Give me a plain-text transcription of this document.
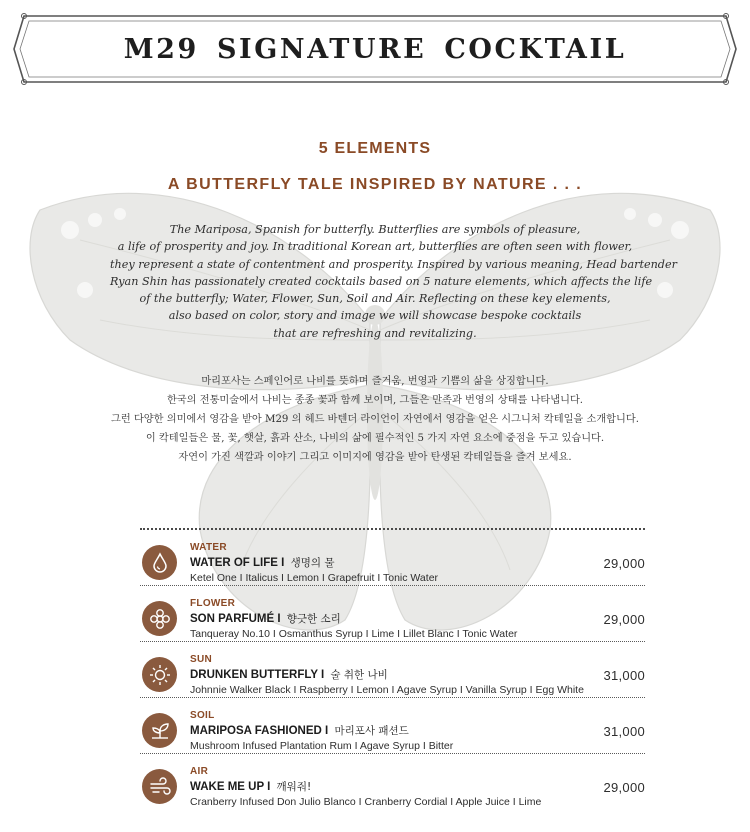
M29 SIGNATURE COCKTAIL
5 ELEMENTS
A BUTTERFLY TALE INSPIRED BY NATURE . . .
The Mariposa, Spanish for butterfly. Butterflies are symbols of pleasure,
a life of prosperity and joy. In traditional Korean art, butterflies are often seen with flower,
they represent a state of contentment and prosperity. Inspired by various meaning, Head bartender
Ryan Shin has passionately created cocktails based on 5 nature elements, which affects the life
of the butterfly; Water, Flower, Sun, Soil and Air. Reflecting on these key elements,
also based on color, story and image we will showcase bespoke cocktails
that are refreshing and revitalizing.
마리포사는 스페인어로 나비를 뜻하며 즐거움, 번영과 기쁨의 삶을 상징합니다.
한국의 전통미술에서 나비는 종종 꽃과 함께 보이며, 그들은 만족과 번영의 상태를 나타냅니다.
그런 다양한 의미에서 영감을 받아 M29 의 헤드 바텐더 라이언이 자연에서 영감을 얻은 시그니처 칵테일을 소개합니다.
이 칵테일들은 물, 꽃, 햇살, 흙과 산소, 나비의 삶에 필수적인 5 가지 자연 요소에 중점을 두고 있습니다.
자연이 가진 색깔과 이야기 그리고 이미지에 영감을 받아 탄생된 칵테일들을 즐겨 보세요.
WATER
WATER OF LIFE I 생명의 물
Ketel One I Italicus I Lemon I Grapefruit I Tonic Water
29,000
FLOWER
SON PARFUMÉ I 향긋한 소리
Tanqueray No.10 I Osmanthus Syrup I Lime I Lillet Blanc I Tonic Water
29,000
SUN
DRUNKEN BUTTERFLY I 술 취한 나비
Johnnie Walker Black I Raspberry I Lemon I Agave Syrup I Vanilla Syrup I Egg White
31,000
SOIL
MARIPOSA FASHIONED I 마리포사 패션드
Mushroom Infused Plantation Rum I Agave Syrup I Bitter
31,000
AIR
WAKE ME UP I 깨워줘!
Cranberry Infused Don Julio Blanco I Cranberry Cordial I Apple Juice I Lime
29,000
